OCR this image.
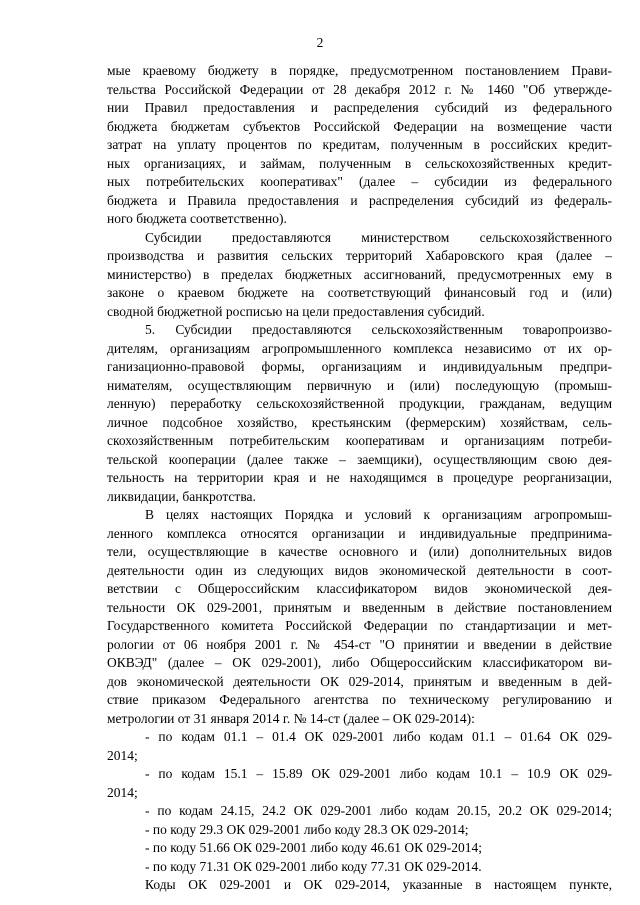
2
мые краевому бюджету в порядке, предусмотренном постановлением Прави-
тельства Российской Федерации от 28 декабря 2012 г. № 1460 "Об утвержде-
нии Правил предоставления и распределения субсидий из федерального
бюджета бюджетам субъектов Российской Федерации на возмещение части
затрат на уплату процентов по кредитам, полученным в российских кредит-
ных организациях, и займам, полученным в сельскохозяйственных кредит-
ных потребительских кооперативах" (далее – субсидии из федерального
бюджета и Правила предоставления и распределения субсидий из федераль-
ного бюджета соответственно).
Субсидии предоставляются министерством сельскохозяйственного
производства и развития сельских территорий Хабаровского края (далее –
министерство) в пределах бюджетных ассигнований, предусмотренных ему в
законе о краевом бюджете на соответствующий финансовый год и (или)
сводной бюджетной росписью на цели предоставления субсидий.
5. Субсидии предоставляются сельскохозяйственным товаропроизво-
дителям, организациям агропромышленного комплекса независимо от их ор-
ганизационно-правовой формы, организациям и индивидуальным предпри-
нимателям, осуществляющим первичную и (или) последующую (промыш-
ленную) переработку сельскохозяйственной продукции, гражданам, ведущим
личное подсобное хозяйство, крестьянским (фермерским) хозяйствам, сель-
скохозяйственным потребительским кооперативам и организациям потреби-
тельской кооперации (далее также – заемщики), осуществляющим свою дея-
тельность на территории края и не находящимся в процедуре реорганизации,
ликвидации, банкротства.
В целях настоящих Порядка и условий к организациям агропромыш-
ленного комплекса относятся организации и индивидуальные предпринима-
тели, осуществляющие в качестве основного и (или) дополнительных видов
деятельности один из следующих видов экономической деятельности в соот-
ветствии с Общероссийским классификатором видов экономической дея-
тельности ОК 029-2001, принятым и введенным в действие постановлением
Государственного комитета Российской Федерации по стандартизации и мет-
рологии от 06 ноября 2001 г. № 454-ст "О принятии и введении в действие
ОКВЭД" (далее – ОК 029-2001), либо Общероссийским классификатором ви-
дов экономической деятельности ОК 029-2014, принятым и введенным в дей-
ствие приказом Федерального агентства по техническому регулированию и
метрологии от 31 января 2014 г. № 14-ст (далее – ОК 029-2014):
- по кодам 01.1 – 01.4 ОК 029-2001 либо кодам 01.1 – 01.64 ОК 029-
2014;
- по кодам 15.1 – 15.89 ОК 029-2001 либо кодам 10.1 – 10.9 ОК 029-
2014;
- по кодам 24.15, 24.2 ОК 029-2001 либо кодам 20.15, 20.2 ОК 029-2014;
- по коду 29.3 ОК 029-2001 либо коду 28.3 ОК 029-2014;
- по коду 51.66 ОК 029-2001 либо коду 46.61 ОК 029-2014;
- по коду 71.31 ОК 029-2001 либо коду 77.31 ОК 029-2014.
Коды ОК 029-2001 и ОК 029-2014, указанные в настоящем пункте,
